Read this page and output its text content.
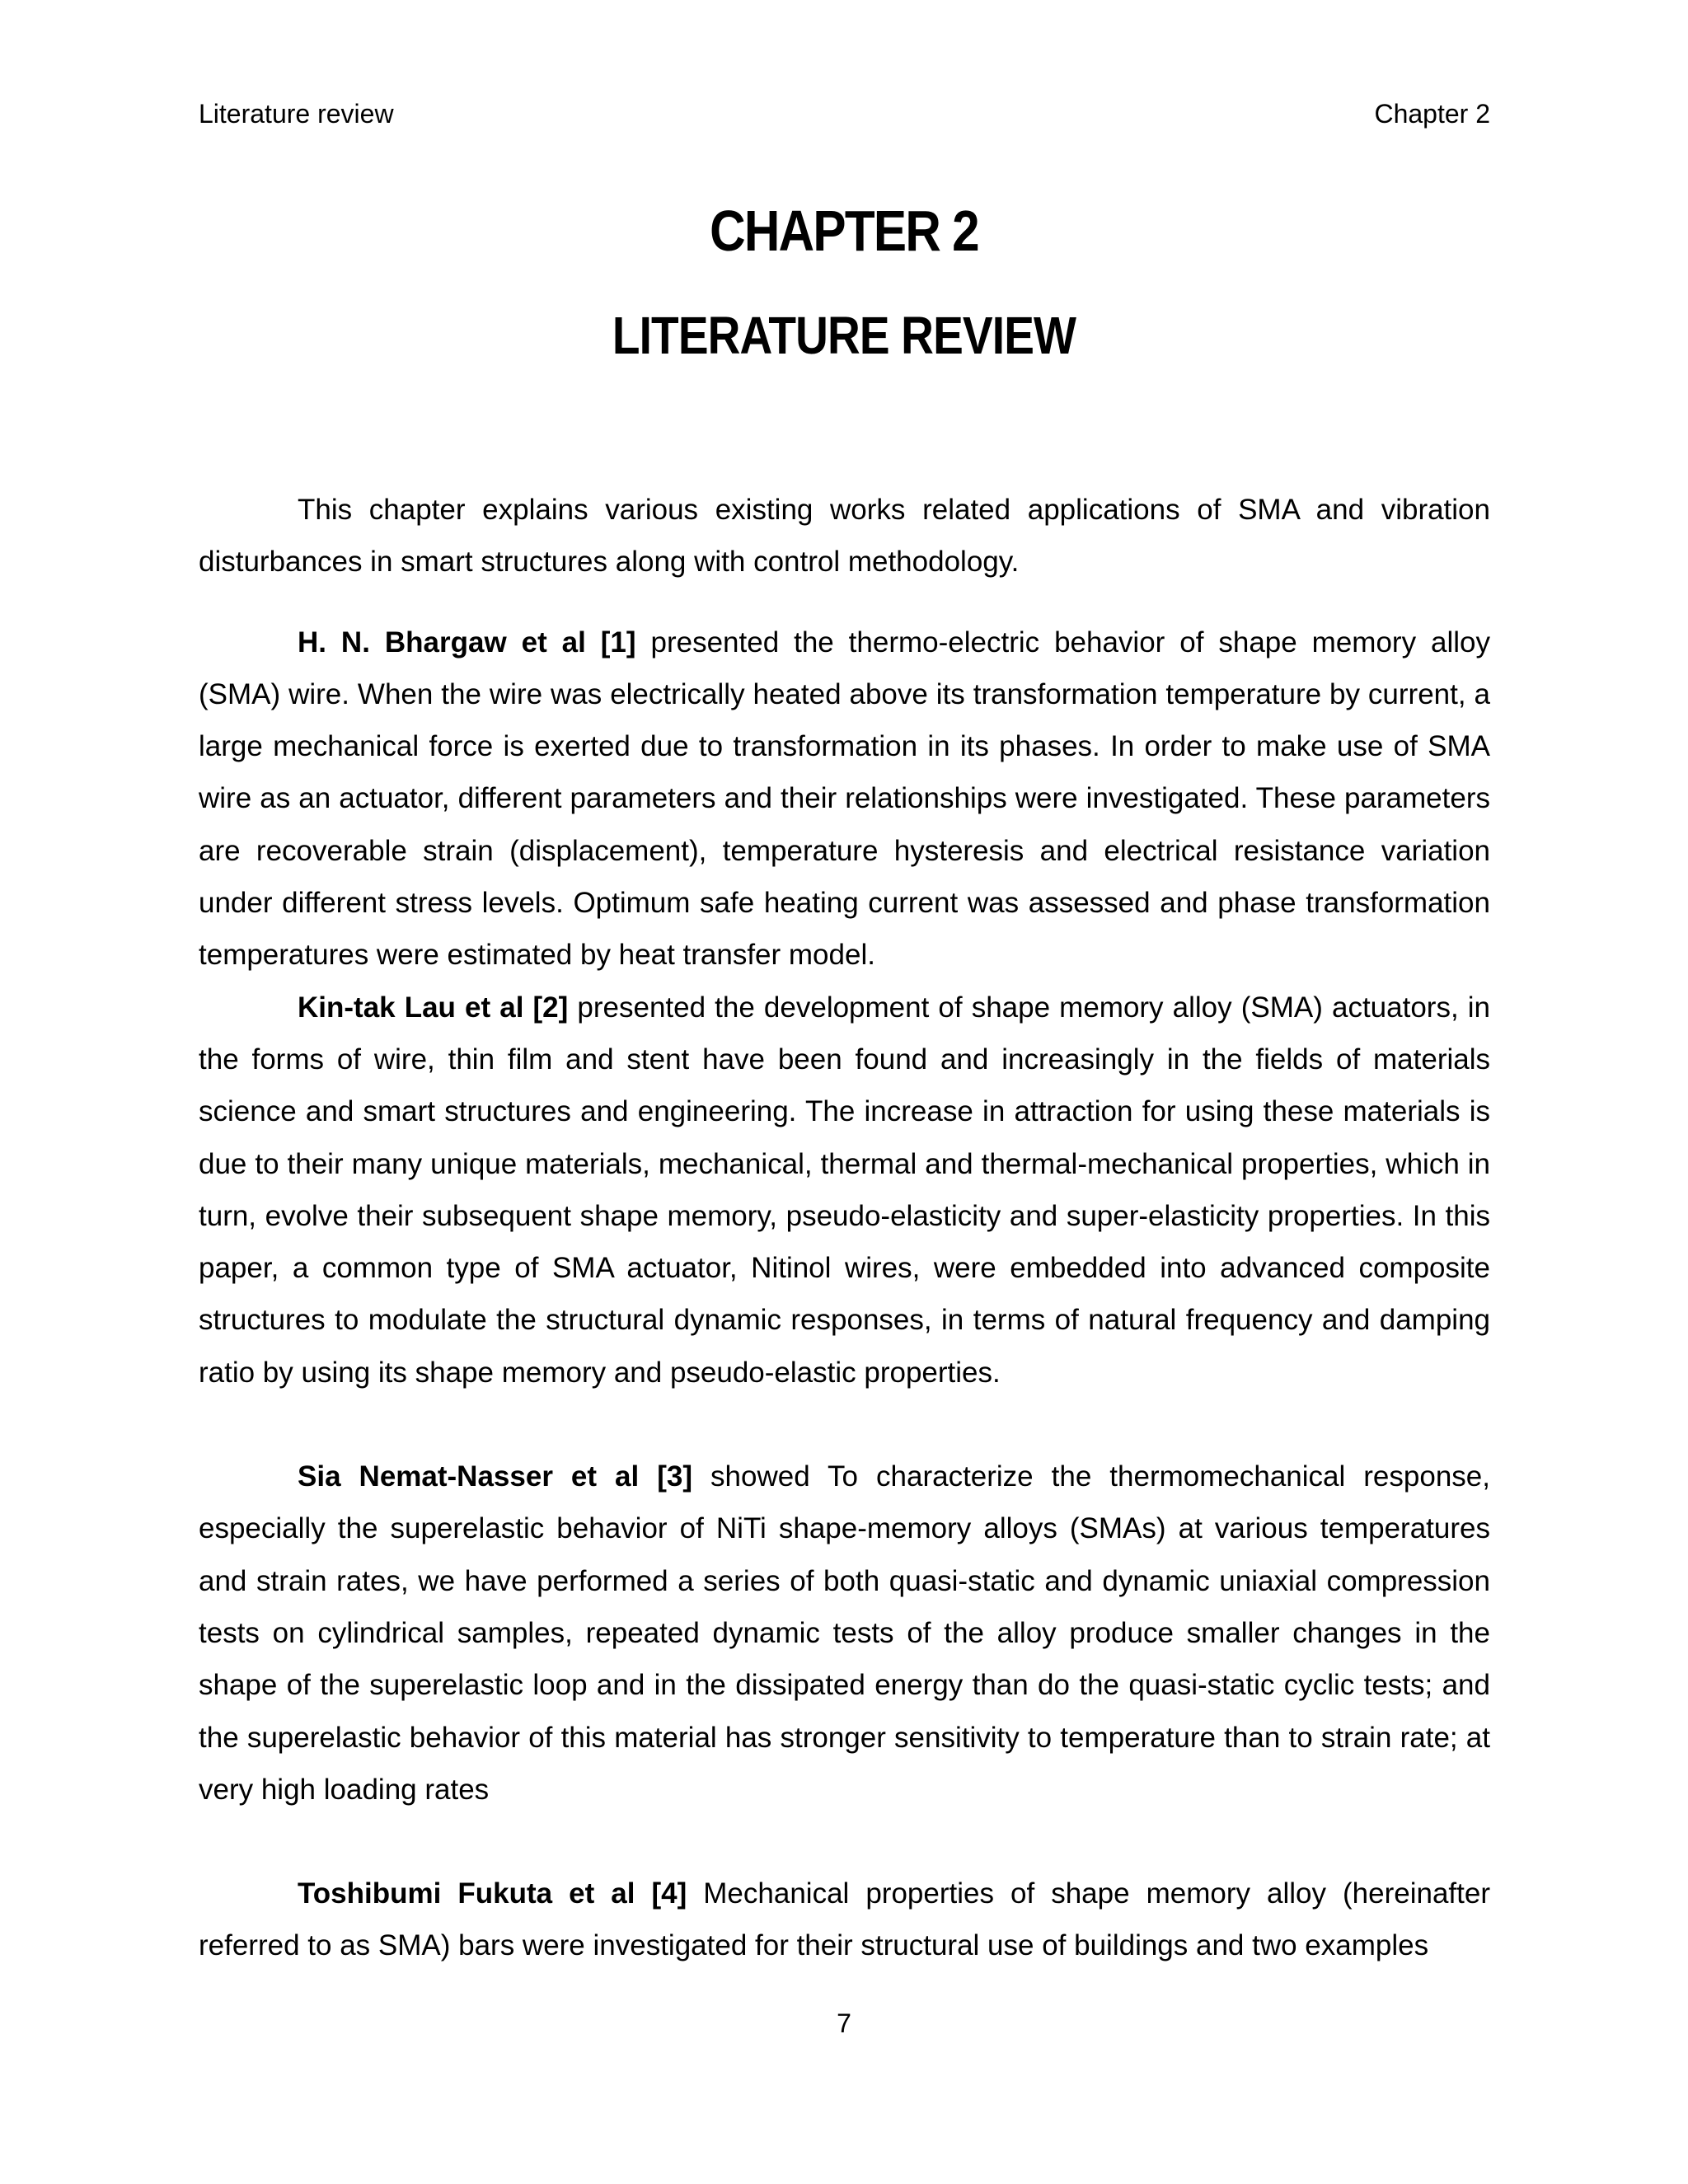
Literature review	Chapter 2
CHAPTER 2
LITERATURE REVIEW

This chapter explains various existing works related applications of SMA and vibration disturbances in smart structures along with control methodology.

H. N. Bhargaw et al [1] presented the thermo-electric behavior of shape memory alloy (SMA) wire. When the wire was electrically heated above its transformation temperature by current, a large mechanical force is exerted due to transformation in its phases. In order to make use of SMA wire as an actuator, different parameters and their relationships were investigated. These parameters are recoverable strain (displacement), temperature hysteresis and electrical resistance variation under different stress levels. Optimum safe heating current was assessed and phase transformation temperatures were estimated by heat transfer model.

Kin-tak Lau et al [2] presented the development of shape memory alloy (SMA) actuators, in the forms of wire, thin film and stent have been found and increasingly in the fields of materials science and smart structures and engineering. The increase in attraction for using these materials is due to their many unique materials, mechanical, thermal and thermal-mechanical properties, which in turn, evolve their subsequent shape memory, pseudo-elasticity and super-elasticity properties. In this paper, a common type of SMA actuator, Nitinol wires, were embedded into advanced composite structures to modulate the structural dynamic responses, in terms of natural frequency and damping ratio by using its shape memory and pseudo-elastic properties.

Sia Nemat-Nasser et al [3] showed To characterize the thermomechanical response, especially the superelastic behavior of NiTi shape-memory alloys (SMAs) at various temperatures and strain rates, we have performed a series of both quasi-static and dynamic uniaxial compression tests on cylindrical samples, repeated dynamic tests of the alloy produce smaller changes in the shape of the superelastic loop and in the dissipated energy than do the quasi-static cyclic tests; and the superelastic behavior of this material has stronger sensitivity to temperature than to strain rate; at very high loading rates

Toshibumi Fukuta et al [4] Mechanical properties of shape memory alloy (hereinafter referred to as SMA) bars were investigated for their structural use of buildings and two examples

7
